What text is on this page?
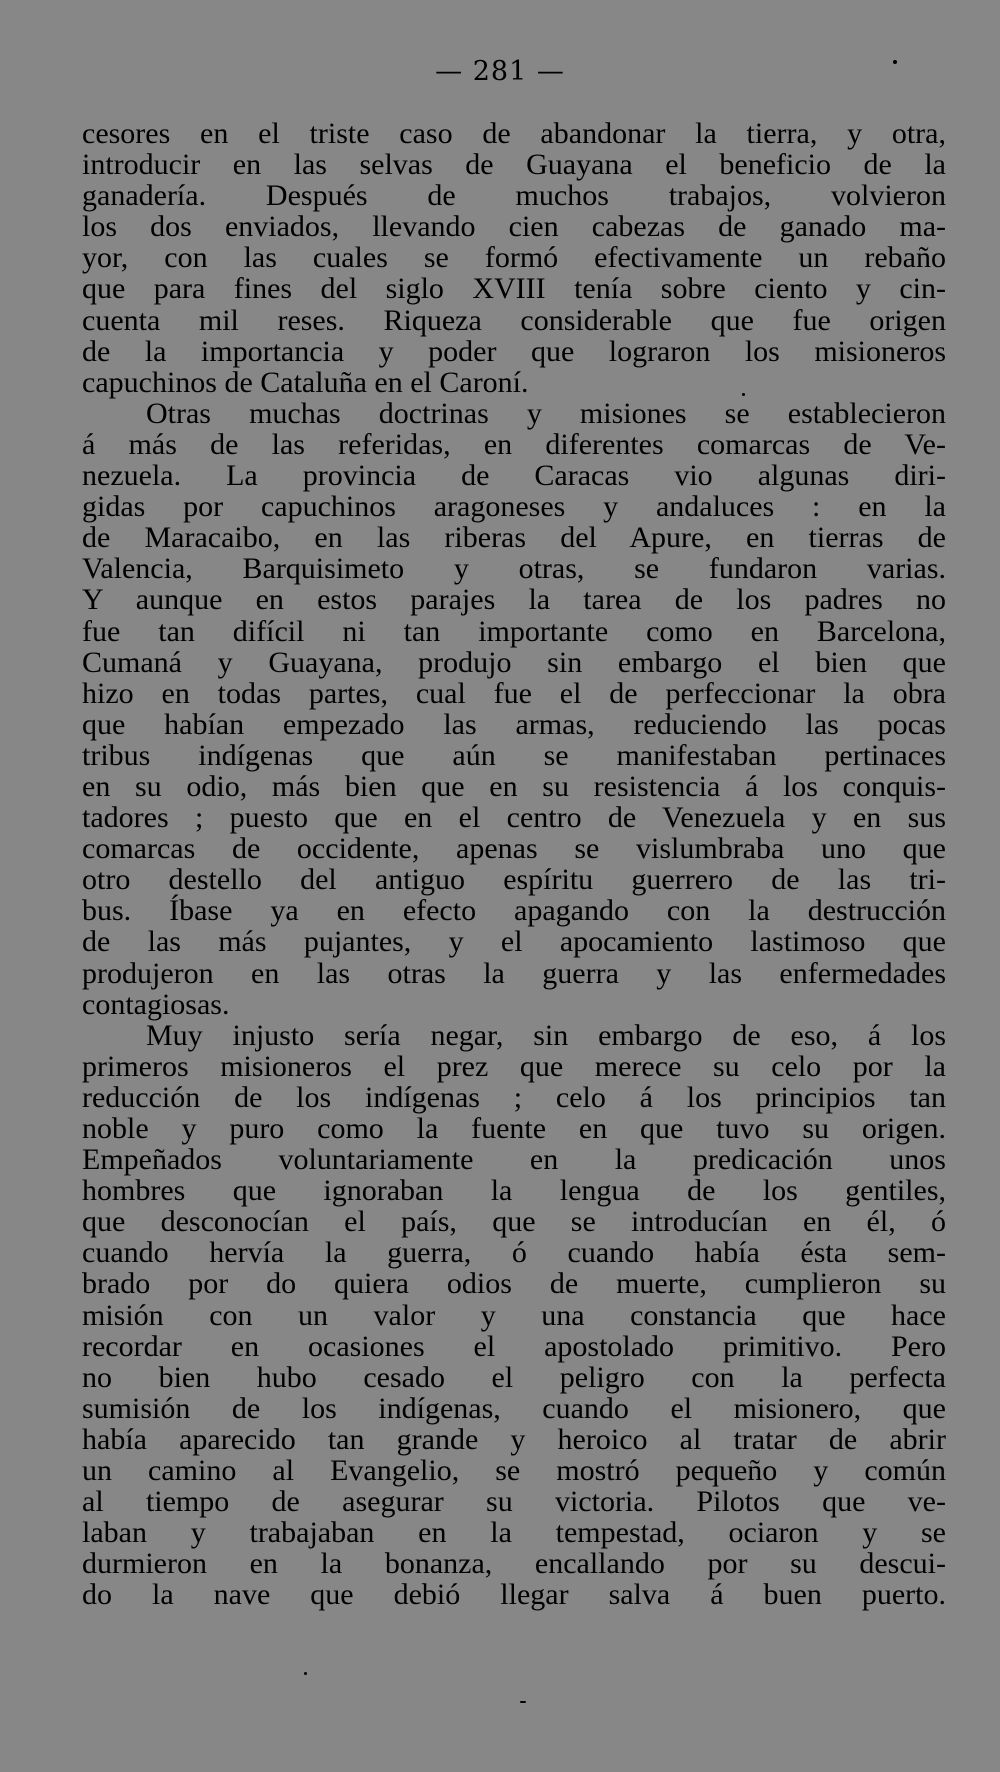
— 281 —
cesores en el triste caso de abandonar la tierra, y otra,
introducir en las selvas de Guayana el beneficio de la
ganadería. Después de muchos trabajos, volvieron
los dos enviados, llevando cien cabezas de ganado ma-
yor, con las cuales se formó efectivamente un rebaño
que para fines del siglo XVIII tenía sobre ciento y cin-
cuenta mil reses. Riqueza considerable que fue origen
de la importancia y poder que lograron los misioneros
capuchinos de Cataluña en el Caroní.
Otras muchas doctrinas y misiones se establecieron
á más de las referidas, en diferentes comarcas de Ve-
nezuela. La provincia de Caracas vio algunas diri-
gidas por capuchinos aragoneses y andaluces : en la
de Maracaibo, en las riberas del Apure, en tierras de
Valencia, Barquisimeto y otras, se fundaron varias.
Y aunque en estos parajes la tarea de los padres no
fue tan difícil ni tan importante como en Barcelona,
Cumaná y Guayana, produjo sin embargo el bien que
hizo en todas partes, cual fue el de perfeccionar la obra
que habían empezado las armas, reduciendo las pocas
tribus indígenas que aún se manifestaban pertinaces
en su odio, más bien que en su resistencia á los conquis-
tadores ; puesto que en el centro de Venezuela y en sus
comarcas de occidente, apenas se vislumbraba uno que
otro destello del antiguo espíritu guerrero de las tri-
bus. Íbase ya en efecto apagando con la destrucción
de las más pujantes, y el apocamiento lastimoso que
produjeron en las otras la guerra y las enfermedades
contagiosas.
Muy injusto sería negar, sin embargo de eso, á los
primeros misioneros el prez que merece su celo por la
reducción de los indígenas ; celo á los principios tan
noble y puro como la fuente en que tuvo su origen.
Empeñados voluntariamente en la predicación unos
hombres que ignoraban la lengua de los gentiles,
que desconocían el país, que se introducían en él, ó
cuando hervía la guerra, ó cuando había ésta sem-
brado por do quiera odios de muerte, cumplieron su
misión con un valor y una constancia que hace
recordar en ocasiones el apostolado primitivo. Pero
no bien hubo cesado el peligro con la perfecta
sumisión de los indígenas, cuando el misionero, que
había aparecido tan grande y heroico al tratar de abrir
un camino al Evangelio, se mostró pequeño y común
al tiempo de asegurar su victoria. Pilotos que ve-
laban y trabajaban en la tempestad, ociaron y se
durmieron en la bonanza, encallando por su descui-
do la nave que debió llegar salva á buen puerto.
